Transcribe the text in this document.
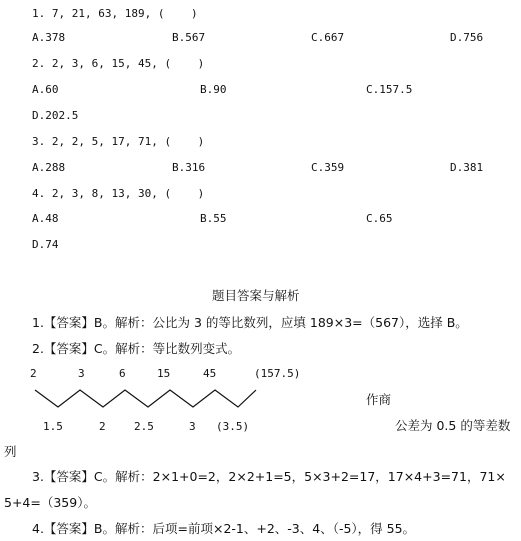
1. 7, 21, 63, 189, (    )
A.378	B.567	C.667	D.756
2. 2, 3, 6, 15, 45, (    )
A.60	B.90	C.157.5
D.202.5
3. 2, 2, 5, 17, 71, (    )
A.288	B.316	C.359	D.381
4. 2, 3, 8, 13, 30, (    )
A.48	B.55	C.65
D.74
题目答案与解析
1.【答案】B。解析：公比为 3 的等比数列，应填 189×3=（567），选择 B。
2.【答案】C。解析：等比数列变式。
2	3	6	15	45	(157.5)
作商
1.5	2	2.5	3 (3.5)	公差为 0.5 的等差数
列
3.【答案】C。解析：2×1+0=2，2×2+1=5，5×3+2=17，17×4+3=71，71×
5+4=（359）。
4.【答案】B。解析：后项=前项×2-1、+2、-3、4、（-5），得 55。
